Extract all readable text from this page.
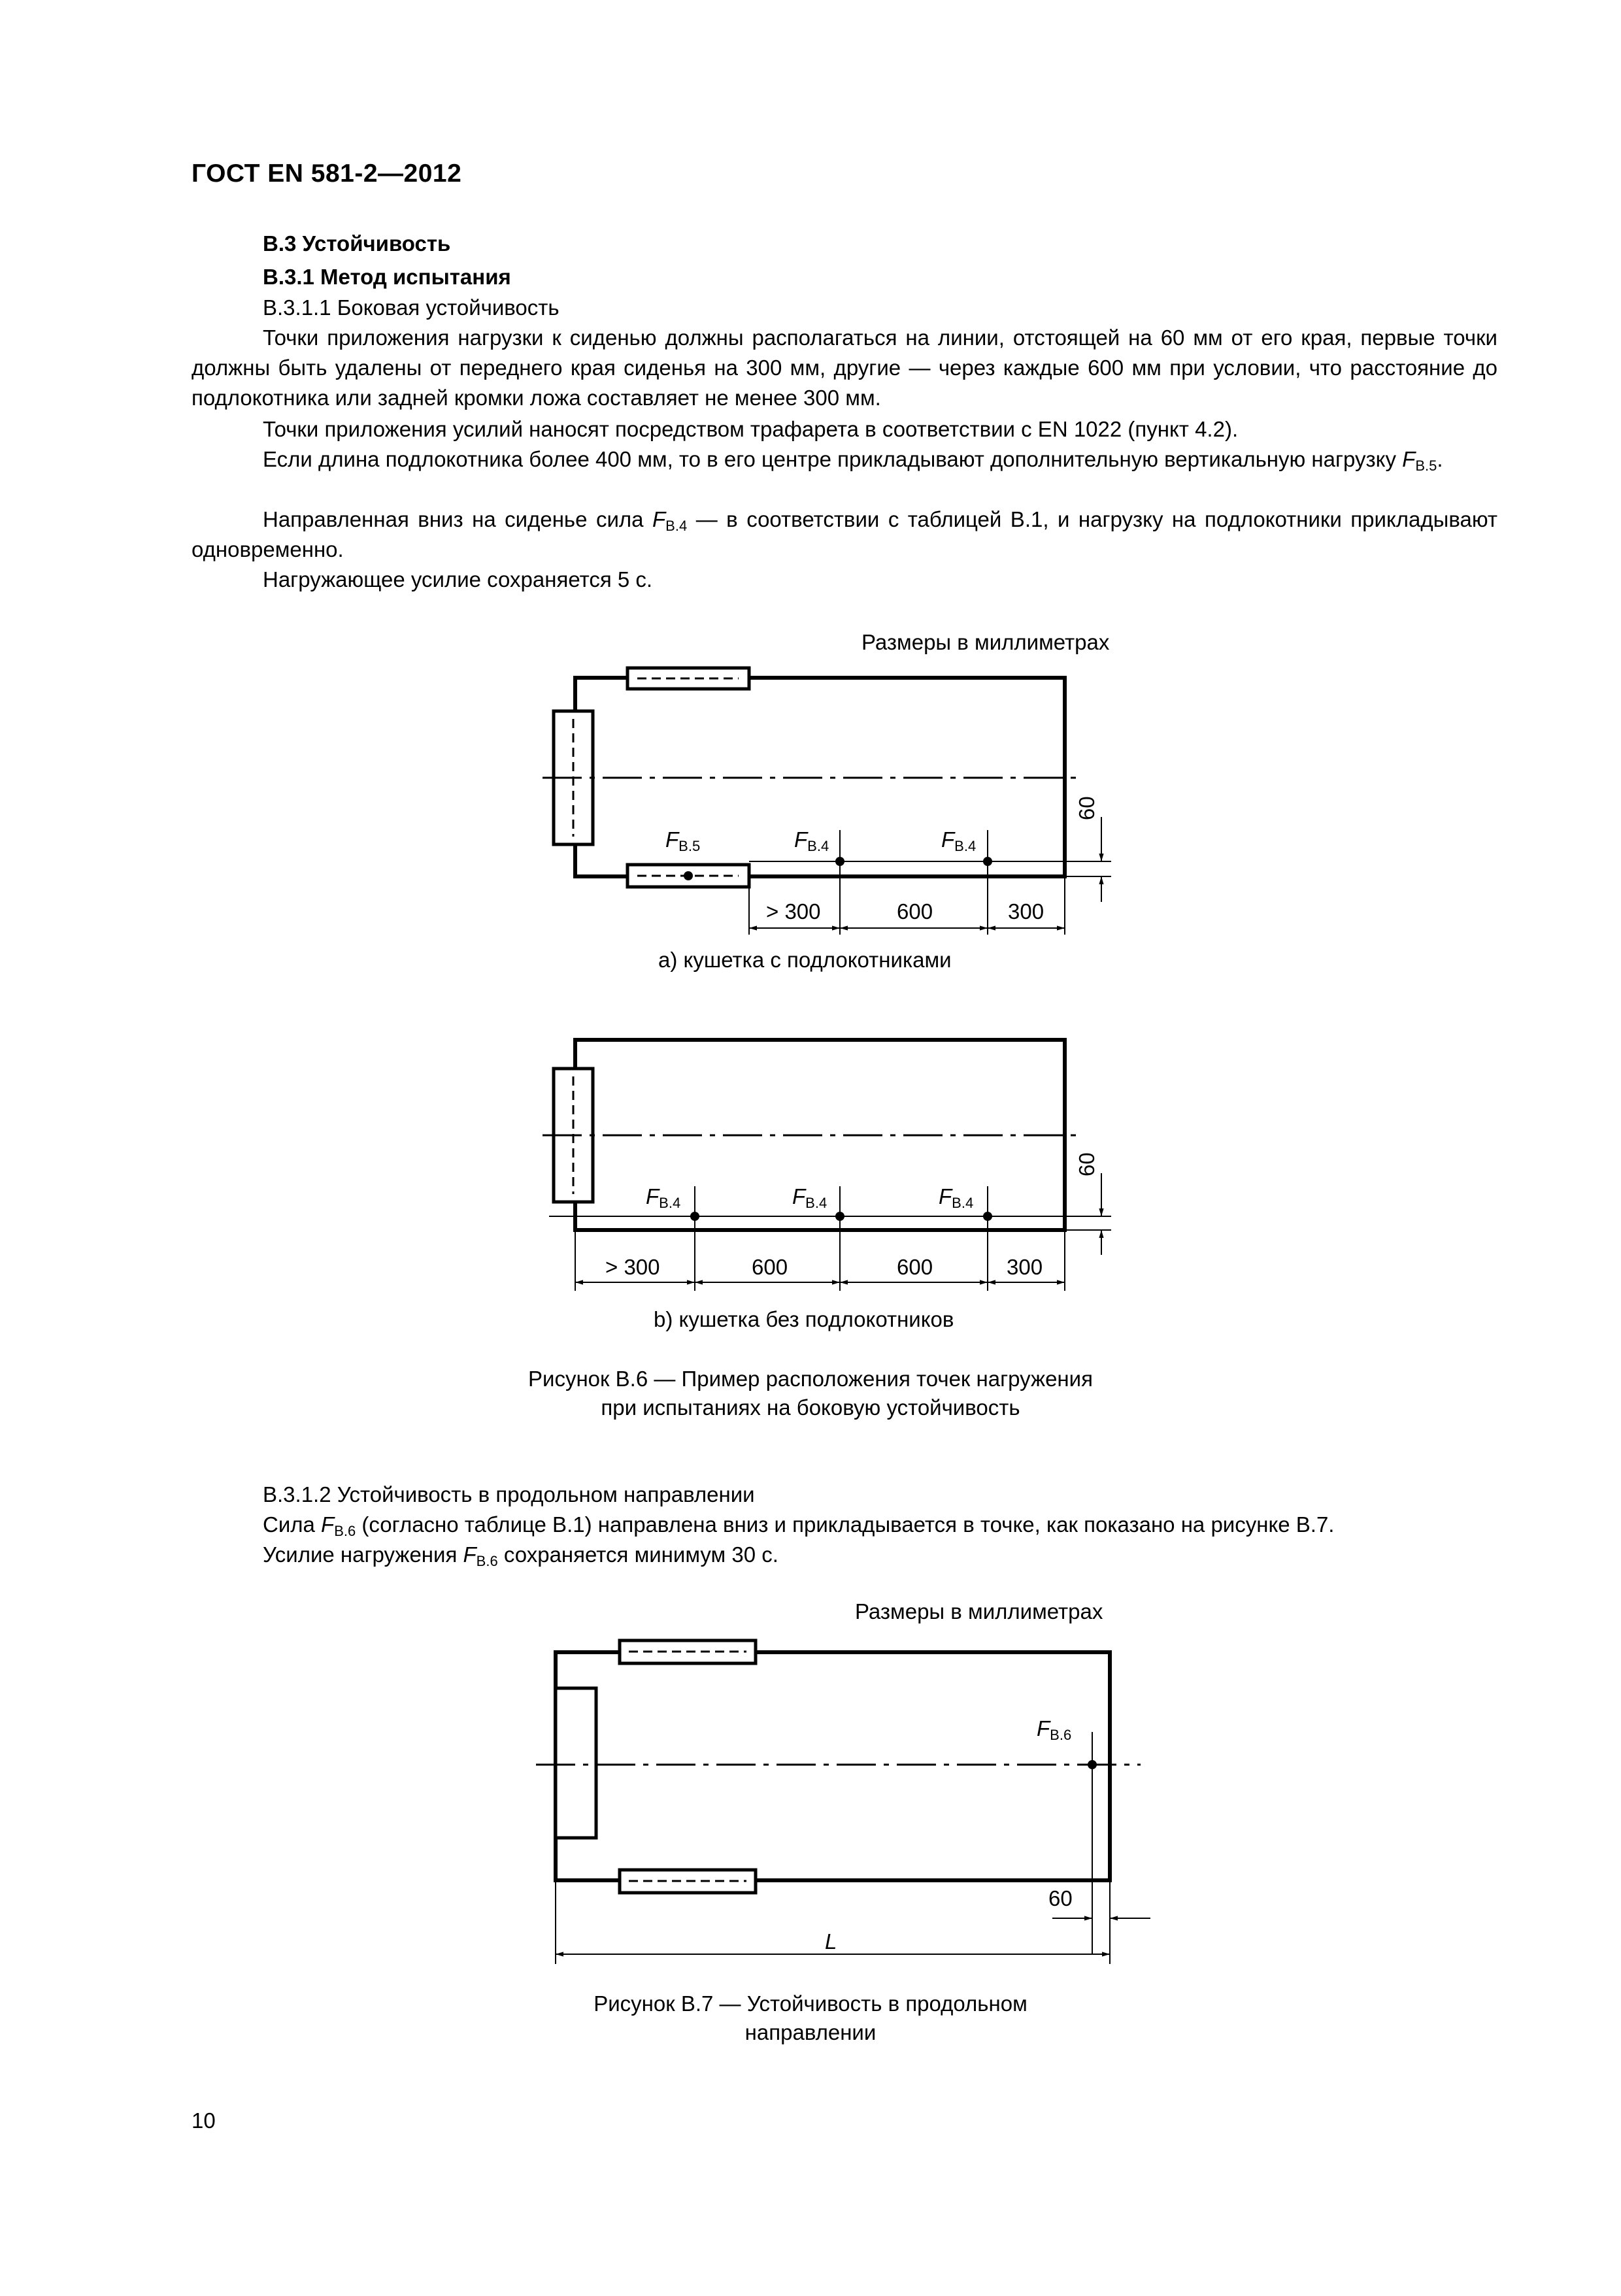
ГОСТ EN 581-2—2012
B.3 Устойчивость
B.3.1 Метод испытания
B.3.1.1 Боковая устойчивость
Точки приложения нагрузки к сиденью должны располагаться на линии, отстоящей на 60 мм от его края, первые точки должны быть удалены от переднего края сиденья на 300 мм, другие — через каждые 600 мм при условии, что расстояние до подлокотника или задней кромки ложа составляет не менее 300 мм.
Точки приложения усилий наносят посредством трафарета в соответствии с EN 1022 (пункт 4.2).
Если длина подлокотника более 400 мм, то в его центре прикладывают дополнительную вертикальную нагрузку $F_{B.5}$.
Направленная вниз на сиденье сила $F_{B.4}$ — в соответствии с таблицей B.1, и нагрузку на подлокотники прикладывают одновременно.
Нагружающее усилие сохраняется 5 с.
Размеры в миллиметрах
$F_{B.5}$	$F_{B.4}$	$F_{B.4}$
> 300	600	300
60
a) кушетка с подлокотниками
$F_{B.4}$	$F_{B.4}$	$F_{B.4}$
> 300	600	600	300
60
b) кушетка без подлокотников
Рисунок B.6 — Пример расположения точек нагружения
при испытаниях на боковую устойчивость
B.3.1.2 Устойчивость в продольном направлении
Сила $F_{B.6}$ (согласно таблице B.1) направлена вниз и прикладывается в точке, как показано на рисунке B.7.
Усилие нагружения $F_{B.6}$ сохраняется минимум 30 с.
Размеры в миллиметрах
$F_{B.6}$
60
L
Рисунок B.7 — Устойчивость в продольном
направлении
10
